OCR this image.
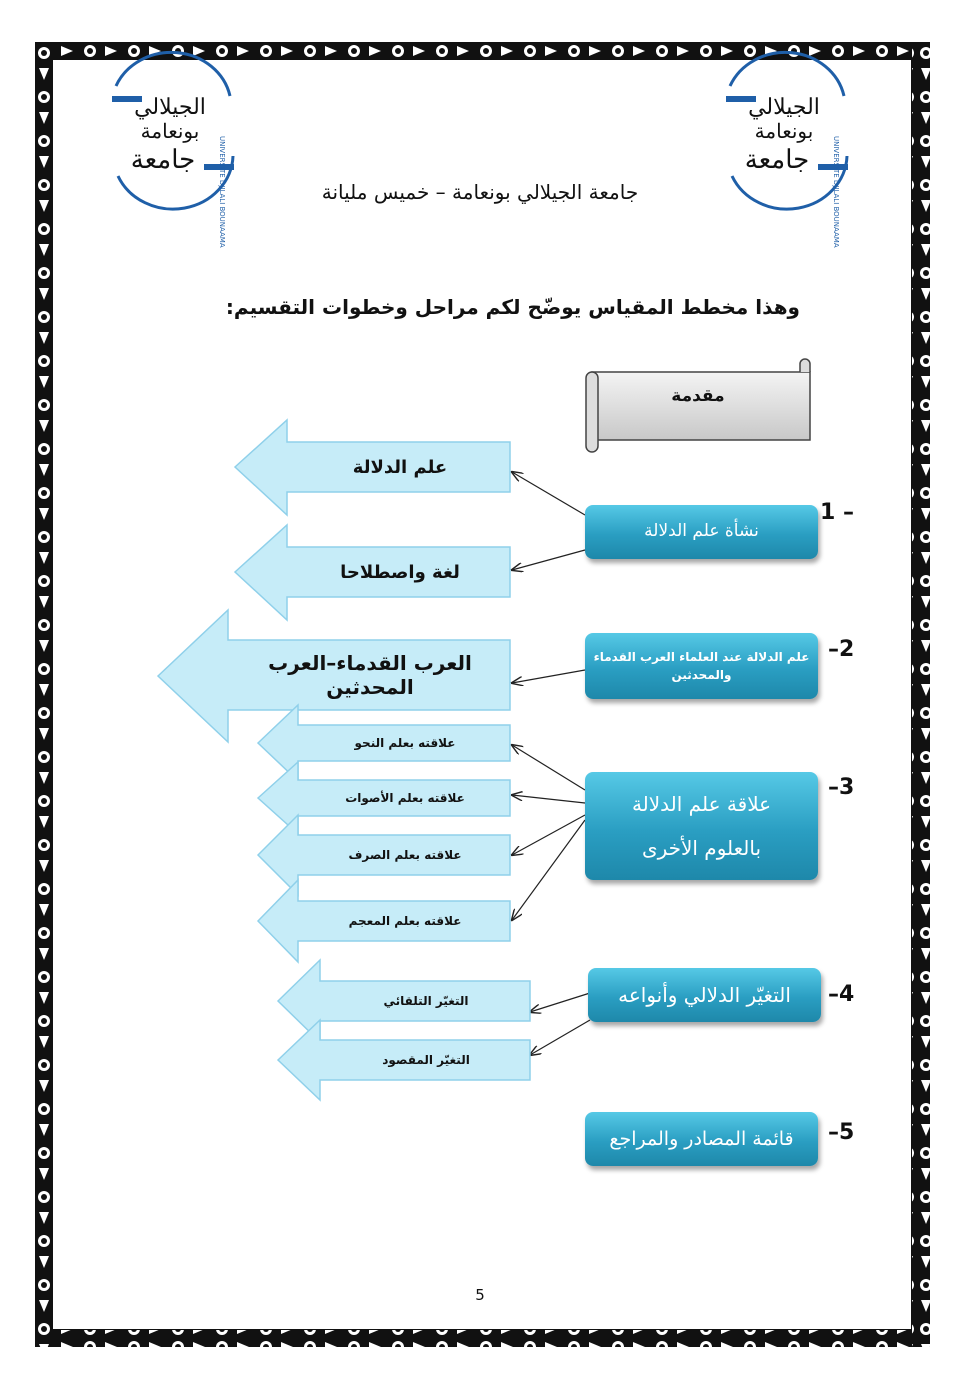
الجيلالي
بونعامة
جامعة	UNIVERSITE DJILALI BOUNAAMA
الجيلالي
بونعامة
جامعة	UNIVERSITE DJILALI BOUNAAMA
جامعة الجيلالي بونعامة – خميس مليانة
وهذا مخطط المقياس يوضّح لكم مراحل وخطوات التقسيم:
مقدمة
1 –
نشأة علم الدلالة
علم الدلالة
لغة واصطلاحا
–2
علم الدلالة عند العلماء العرب القدماء والمحدثين
العرب القدماء–العرب المحدثين
–3
علاقة علم الدلالة
بالعلوم الأخرى
علاقته بعلم النحو
علاقته بعلم الأصوات
علاقته بعلم الصرف
علاقته بعلم المعجم
–4
التغيّر الدلالي وأنواعه
التغيّر التلقائي
التغيّر المقصود
–5
قائمة المصادر والمراجع
5
